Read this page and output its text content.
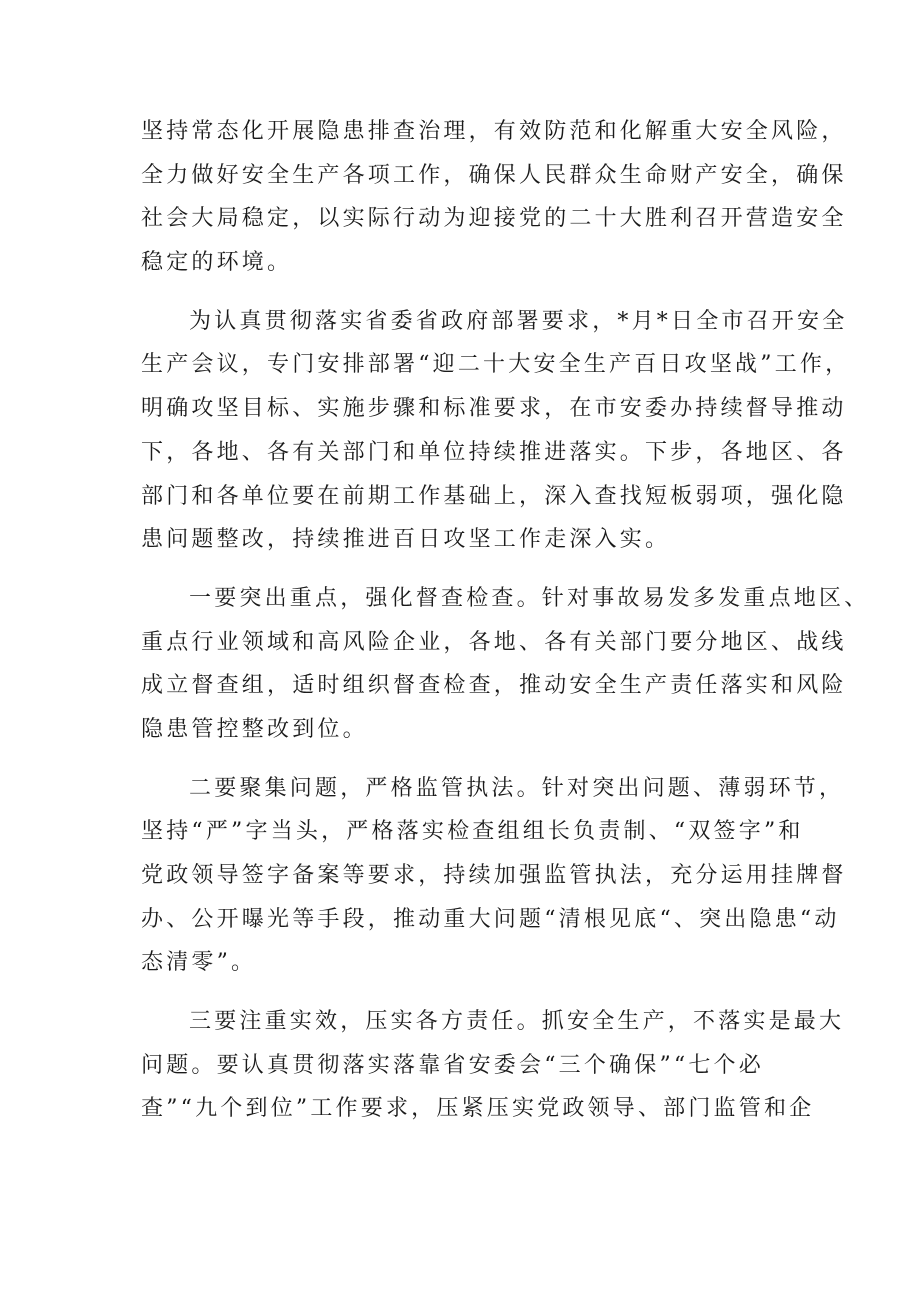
坚持常态化开展隐患排查治理，有效防范和化解重大安全风险，
全力做好安全生产各项工作，确保人民群众生命财产安全，确保
社会大局稳定，以实际行动为迎接党的二十大胜利召开营造安全
稳定的环境。
为认真贯彻落实省委省政府部署要求，*月*日全市召开安全
生产会议，专门安排部署“迎二十大安全生产百日攻坚战”工作，
明确攻坚目标、实施步骤和标准要求，在市安委办持续督导推动
下，各地、各有关部门和单位持续推进落实。下步，各地区、各
部门和各单位要在前期工作基础上，深入查找短板弱项，强化隐
患问题整改，持续推进百日攻坚工作走深入实。
一要突出重点，强化督查检查。针对事故易发多发重点地区、
重点行业领域和高风险企业，各地、各有关部门要分地区、战线
成立督查组，适时组织督查检查，推动安全生产责任落实和风险
隐患管控整改到位。
二要聚集问题，严格监管执法。针对突出问题、薄弱环节，
坚持“严”字当头，严格落实检查组组长负责制、“双签字”和
党政领导签字备案等要求，持续加强监管执法，充分运用挂牌督
办、公开曝光等手段，推动重大问题“清根见底“、突出隐患“动
态清零”。
三要注重实效，压实各方责任。抓安全生产，不落实是最大
问题。要认真贯彻落实落靠省安委会“三个确保”“七个必
查”“九个到位”工作要求，压紧压实党政领导、部门监管和企
